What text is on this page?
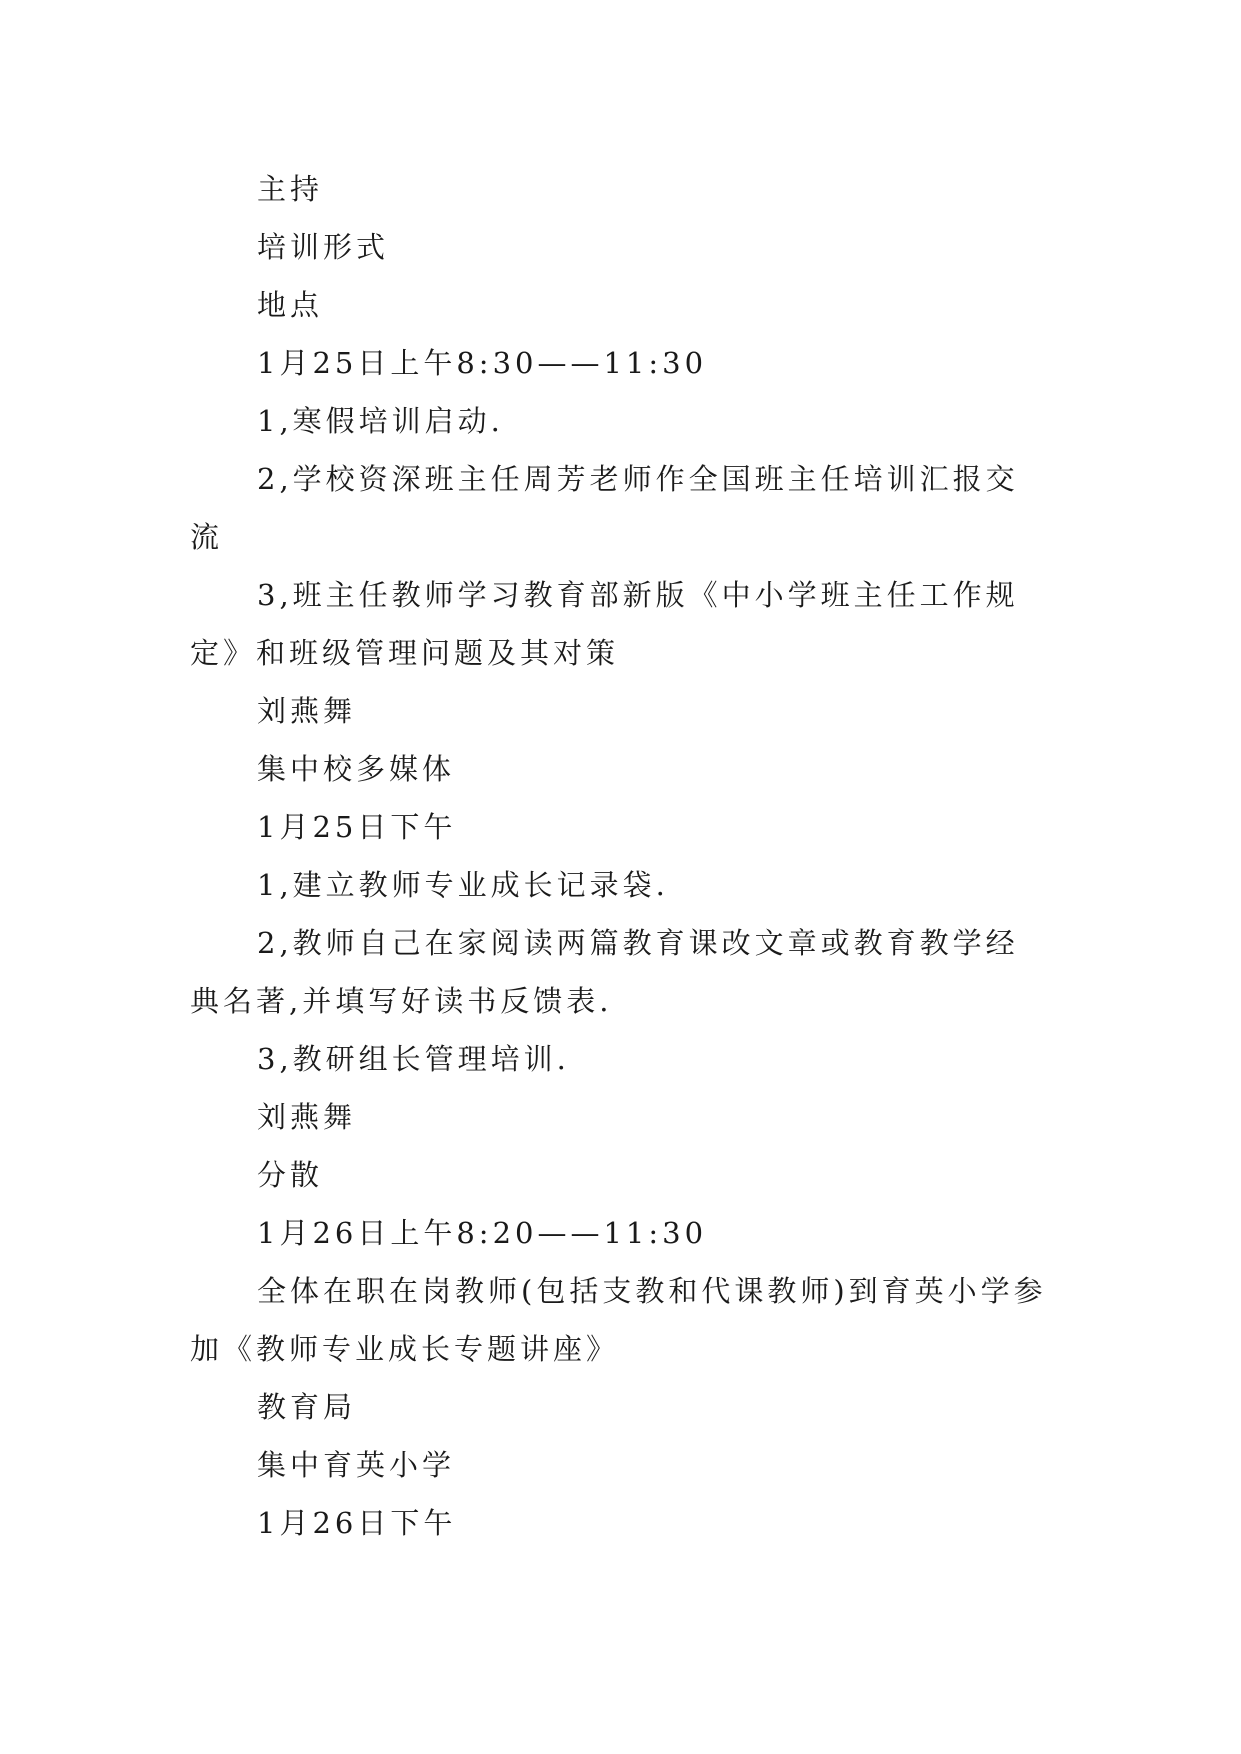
主持

培训形式

地点

1月25日上午8:30——11:30

1,寒假培训启动.

2,学校资深班主任周芳老师作全国班主任培训汇报交流

3,班主任教师学习教育部新版《中小学班主任工作规定》和班级管理问题及其对策

刘燕舞

集中校多媒体

1月25日下午

1,建立教师专业成长记录袋.

2,教师自己在家阅读两篇教育课改文章或教育教学经典名著,并填写好读书反馈表.

3,教研组长管理培训.

刘燕舞

分散

1月26日上午8:20——11:30

全体在职在岗教师(包括支教和代课教师)到育英小学参加《教师专业成长专题讲座》

教育局

集中育英小学

1月26日下午
